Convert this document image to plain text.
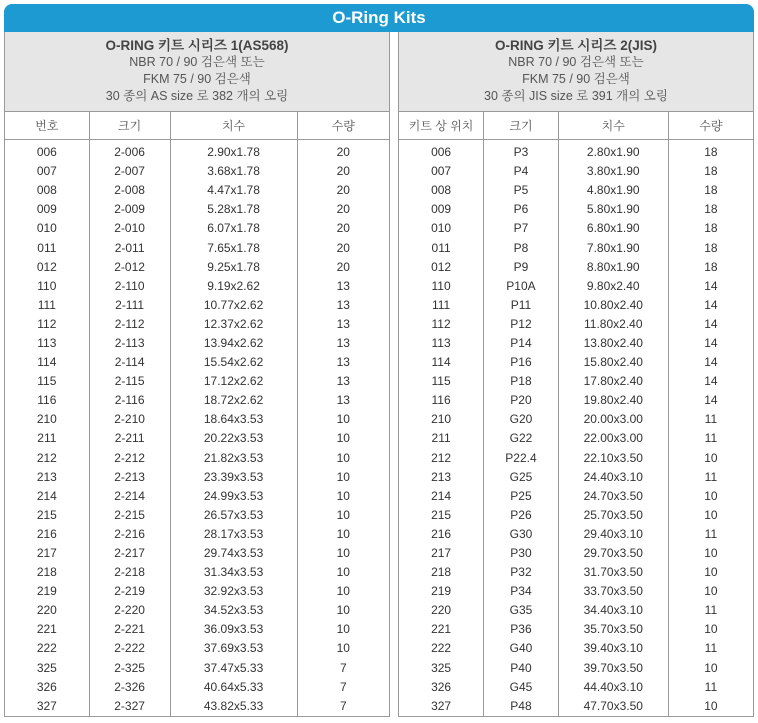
O-Ring Kits
O-RING 키트 시리즈 1(AS568)
NBR 70 / 90 검은색 또는
FKM 75 / 90 검은색
30 종의 AS size 로 382 개의 오링
번호	크기	치수	수량
006	2-006	2.90x1.78	20
007	2-007	3.68x1.78	20
008	2-008	4.47x1.78	20
009	2-009	5.28x1.78	20
010	2-010	6.07x1.78	20
011	2-011	7.65x1.78	20
012	2-012	9.25x1.78	20
110	2-110	9.19x2.62	13
111	2-111	10.77x2.62	13
112	2-112	12.37x2.62	13
113	2-113	13.94x2.62	13
114	2-114	15.54x2.62	13
115	2-115	17.12x2.62	13
116	2-116	18.72x2.62	13
210	2-210	18.64x3.53	10
211	2-211	20.22x3.53	10
212	2-212	21.82x3.53	10
213	2-213	23.39x3.53	10
214	2-214	24.99x3.53	10
215	2-215	26.57x3.53	10
216	2-216	28.17x3.53	10
217	2-217	29.74x3.53	10
218	2-218	31.34x3.53	10
219	2-219	32.92x3.53	10
220	2-220	34.52x3.53	10
221	2-221	36.09x3.53	10
222	2-222	37.69x3.53	10
325	2-325	37.47x5.33	7
326	2-326	40.64x5.33	7
327	2-327	43.82x5.33	7
O-RING 키트 시리즈 2(JIS)
NBR 70 / 90 검은색 또는
FKM 75 / 90 검은색
30 종의 JIS size 로 391 개의 오링
키트 상 위치	크기	치수	수량
006	P3	2.80x1.90	18
007	P4	3.80x1.90	18
008	P5	4.80x1.90	18
009	P6	5.80x1.90	18
010	P7	6.80x1.90	18
011	P8	7.80x1.90	18
012	P9	8.80x1.90	18
110	P10A	9.80x2.40	14
111	P11	10.80x2.40	14
112	P12	11.80x2.40	14
113	P14	13.80x2.40	14
114	P16	15.80x2.40	14
115	P18	17.80x2.40	14
116	P20	19.80x2.40	14
210	G20	20.00x3.00	11
211	G22	22.00x3.00	11
212	P22.4	22.10x3.50	10
213	G25	24.40x3.10	11
214	P25	24.70x3.50	10
215	P26	25.70x3.50	10
216	G30	29.40x3.10	11
217	P30	29.70x3.50	10
218	P32	31.70x3.50	10
219	P34	33.70x3.50	10
220	G35	34.40x3.10	11
221	P36	35.70x3.50	10
222	G40	39.40x3.10	11
325	P40	39.70x3.50	10
326	G45	44.40x3.10	11
327	P48	47.70x3.50	10
